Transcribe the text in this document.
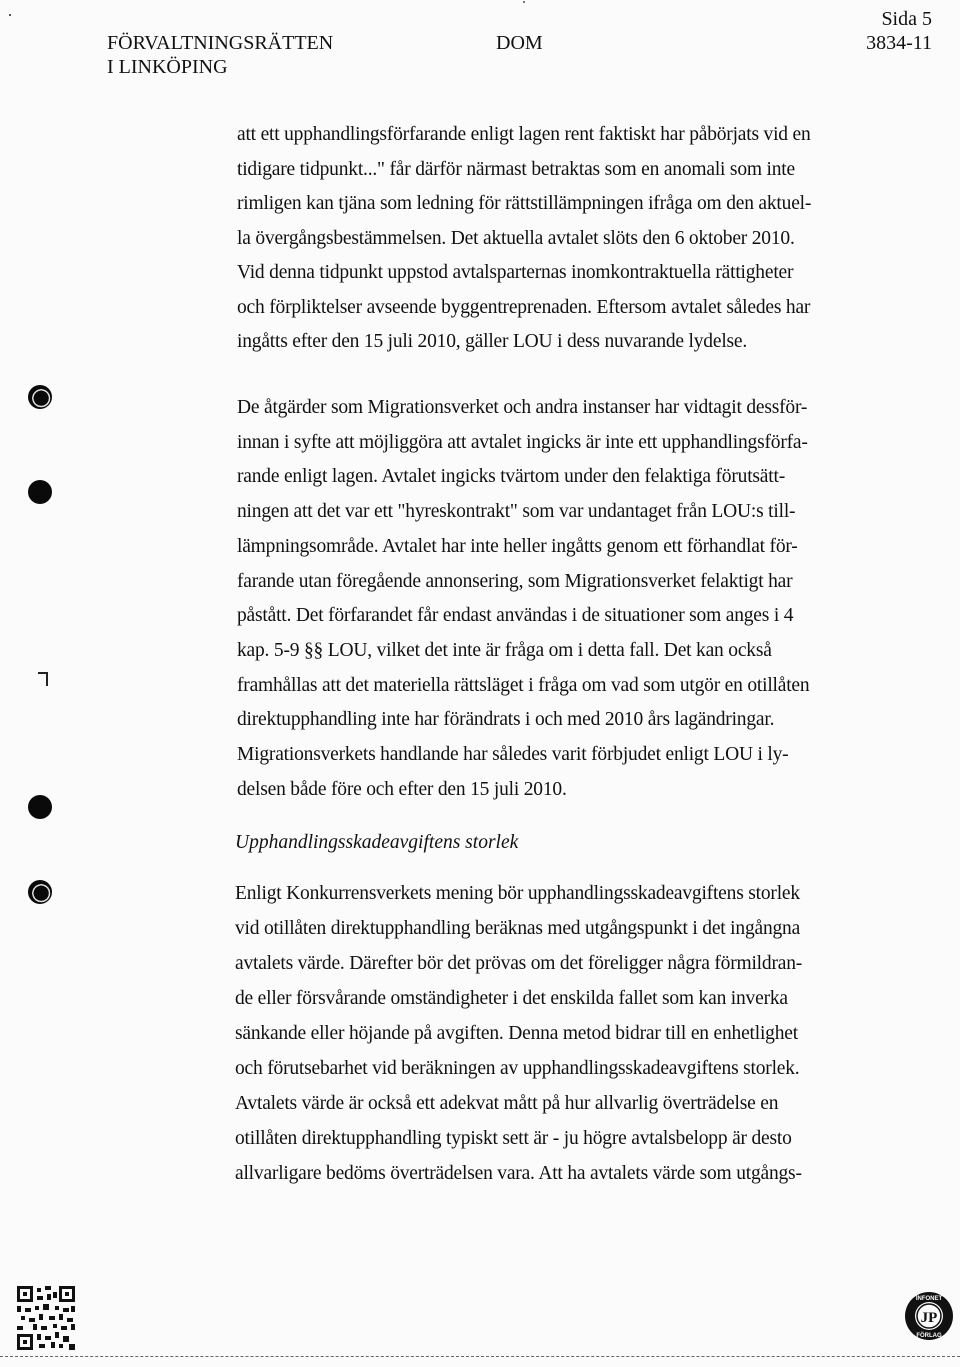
FÖRVALTNINGSRÄTTEN
I LINKÖPING
DOM
Sida 5
3834-11
att ett upphandlingsförfarande enligt lagen rent faktiskt har påbörjats vid en
tidigare tidpunkt..." får därför närmast betraktas som en anomali som inte
rimligen kan tjäna som ledning för rättstillämpningen ifråga om den aktuel-
la övergångsbestämmelsen. Det aktuella avtalet slöts den 6 oktober 2010.
Vid denna tidpunkt uppstod avtalsparternas inomkontraktuella rättigheter
och förpliktelser avseende byggentreprenaden. Eftersom avtalet således har
ingåtts efter den 15 juli 2010, gäller LOU i dess nuvarande lydelse.
De åtgärder som Migrationsverket och andra instanser har vidtagit dessför-
innan i syfte att möjliggöra att avtalet ingicks är inte ett upphandlingsförfa-
rande enligt lagen. Avtalet ingicks tvärtom under den felaktiga förutsätt-
ningen att det var ett "hyreskontrakt" som var undantaget från LOU:s till-
lämpningsområde. Avtalet har inte heller ingåtts genom ett förhandlat för-
farande utan föregående annonsering, som Migrationsverket felaktigt har
påstått. Det förfarandet får endast användas i de situationer som anges i 4
kap. 5-9 §§ LOU, vilket det inte är fråga om i detta fall. Det kan också
framhållas att det materiella rättsläget i fråga om vad som utgör en otillåten
direktupphandling inte har förändrats i och med 2010 års lagändringar.
Migrationsverkets handlande har således varit förbjudet enligt LOU i ly-
delsen både före och efter den 15 juli 2010.
Upphandlingsskadeavgiftens storlek
Enligt Konkurrensverkets mening bör upphandlingsskadeavgiftens storlek
vid otillåten direktupphandling beräknas med utgångspunkt i det ingångna
avtalets värde. Därefter bör det prövas om det föreligger några förmildran-
de eller försvårande omständigheter i det enskilda fallet som kan inverka
sänkande eller höjande på avgiften. Denna metod bidrar till en enhetlighet
och förutsebarhet vid beräkningen av upphandlingsskadeavgiftens storlek.
Avtalets värde är också ett adekvat mått på hur allvarlig överträdelse en
otillåten direktupphandling typiskt sett är - ju högre avtalsbelopp är desto
allvarligare bedöms överträdelsen vara. Att ha avtalets värde som utgångs-
JP
INFONET
FÖRLAG
